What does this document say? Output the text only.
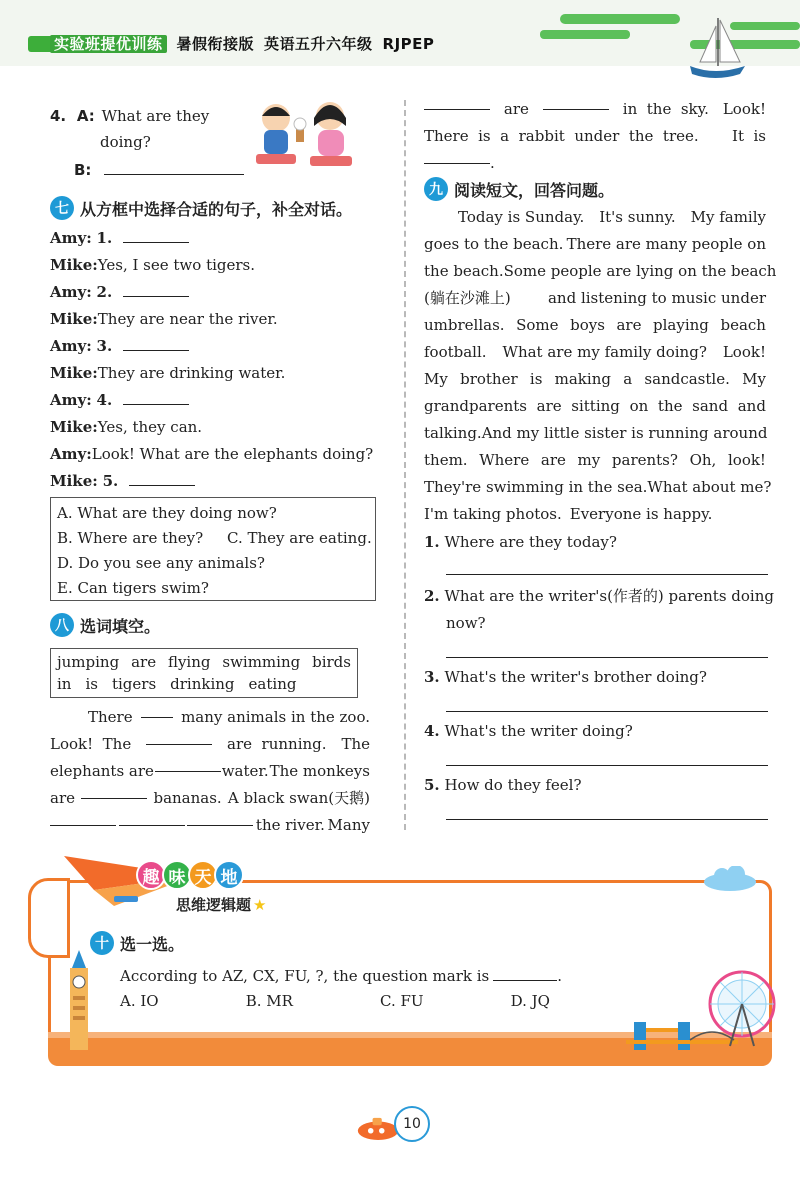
实验班提优训练 暑假衔接版 英语五升六年级 RJPEP
4. A: What are they
doing?
B:
七 从方框中选择合适的句子，补全对话。
Amy: 1.
Mike:Yes, I see two tigers.
Amy: 2.
Mike:They are near the river.
Amy: 3.
Mike:They are drinking water.
Amy: 4.
Mike:Yes, they can.
Amy:Look! What are the elephants doing?
Mike: 5.
A. What are they doing now?
B. Where are they?     C. They are eating.
D. Do you see any animals?
E. Can tigers swim?
八 选词填空。
jumping are flying swimming birds
in is tigers drinking eating
There	many animals in the zoo.
Look!  The	are  running. The
elephants are	water. The monkeys
are	bananas. A black swan(天鹅)
the river. Many
are	in  the  sky. Look!
There  is  a  rabbit  under  the  tree. It  is
.
九 阅读短文，回答问题。
Today is Sunday. It's sunny. My family
goes to the beach. There are many people on
the beach. Some people are lying on the beach
(躺在沙滩上) and listening to music under
umbrellas. Some boys are playing beach
football. What are my family doing? Look!
My brother is making a sandcastle. My
grandparents are sitting on the sand and
talking. And my little sister is running around
them. Where are my parents? Oh, look!
They're swimming in the sea. What about me?
I'm taking photos. Everyone is happy.
1. Where are they today?
2. What are the writer's(作者的) parents doing
now?
3. What's the writer's brother doing?
4. What's the writer doing?
5. How do they feel?
趣 味 天 地
思维逻辑题 ★
十 选一选。
According to AZ, CX, FU, ?, the question mark is	.
A. IO	B. MR	C. FU	D. JQ
10
